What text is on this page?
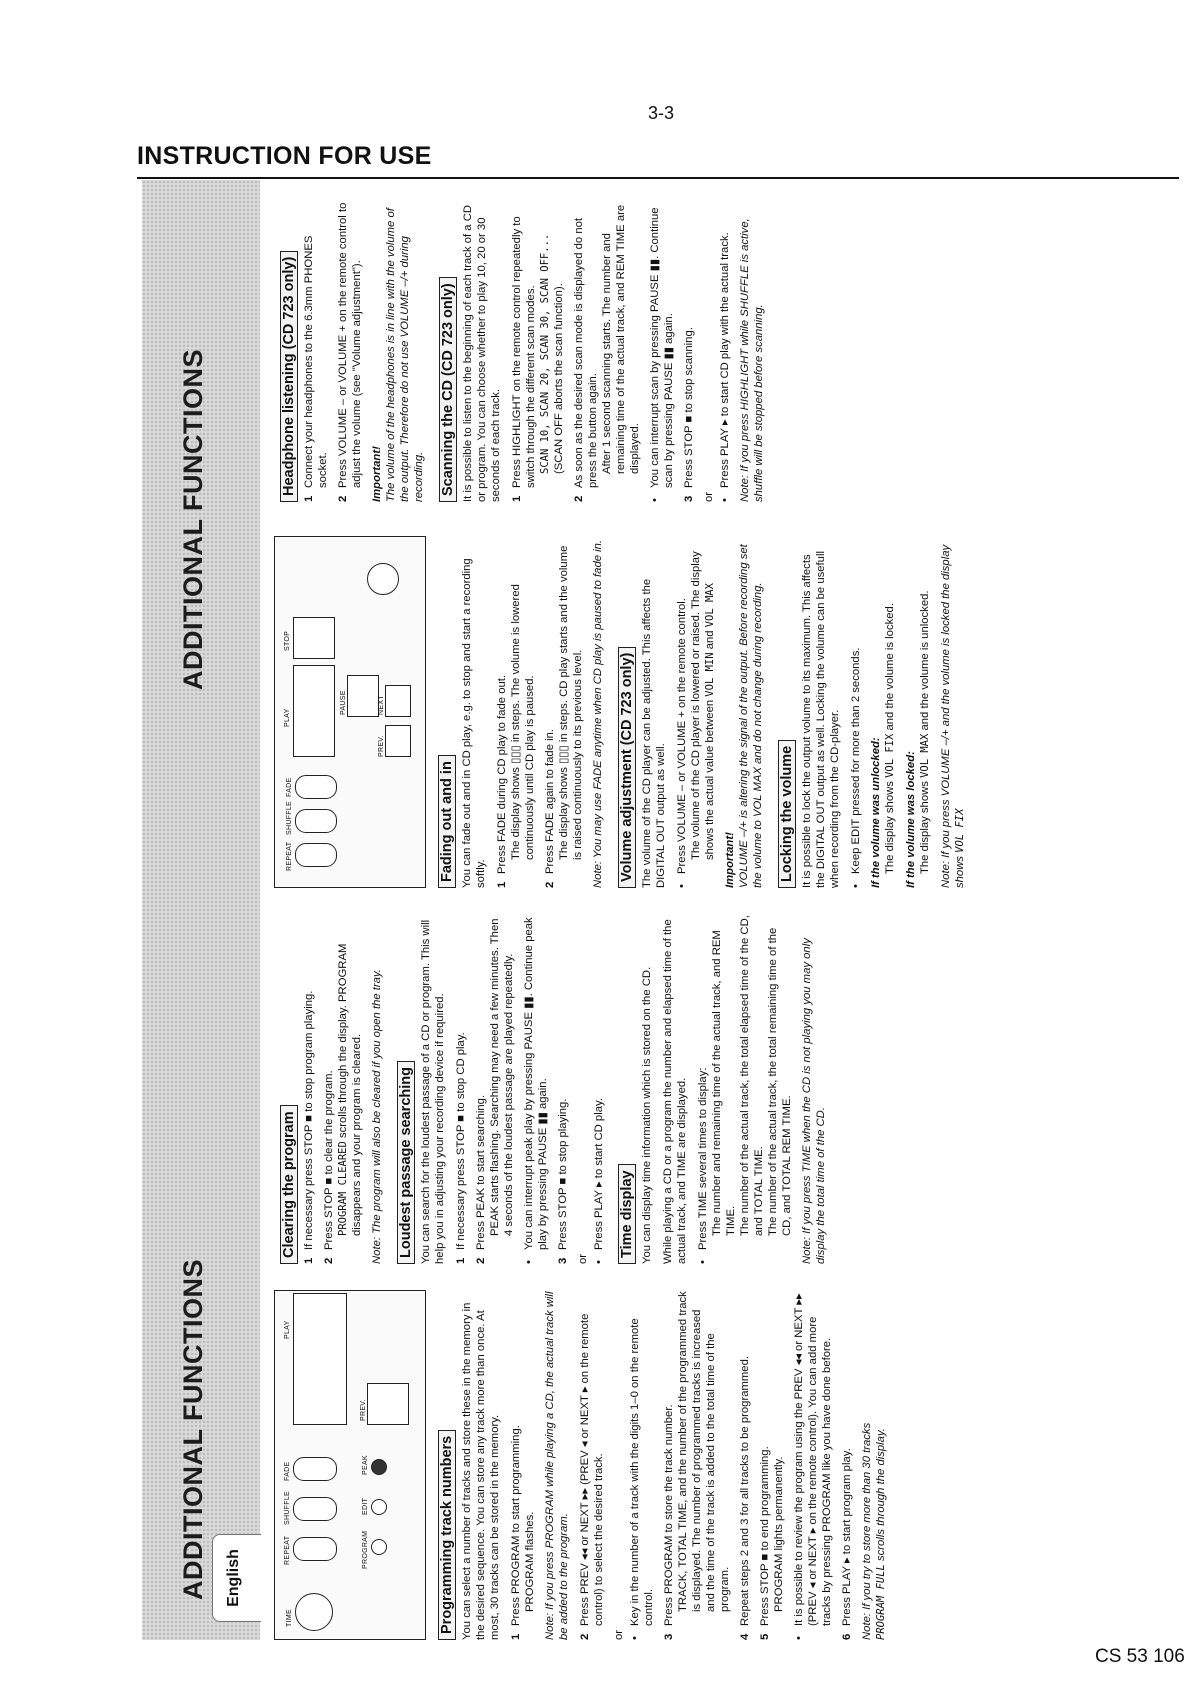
3-3
INSTRUCTION FOR USE
CS 53 106
ADDITIONAL FUNCTIONS	English
ADDITIONAL FUNCTIONS
TIME
REPEAT
SHUFFLE
FADE
PLAY
PROGRAM
EDIT
PEAK
PREV.
Programming track numbers You can select a number of tracks and store these in the memory in the desired sequence. You can store any track more than once. At most, 30 tracks can be stored in the memory. 1
Press PROGRAM to start programming. PROGRAM flashes. Note: If you press PROGRAM while playing a CD, the actual track will be added to the program. 2
Press PREV ◂◂ or NEXT ▸▸ (PREV ◂ or NEXT ▸ on the remote control) to select the desired track.
or •
Key in the number of a track with the digits 1–0 on the remote control.
3
Press PROGRAM to store the track number. TRACK, TOTAL TIME, and the number of the programmed track is displayed. The number of programmed tracks is increased and the time of the track is added to the total time of the program.
4
Repeat steps 2 and 3 for all tracks to be programmed.
5
Press STOP ■ to end programming. PROGRAM lights permanently.
•
It is possible to review the program using the PREV ◂◂ or NEXT ▸▸ (PREV ◂ or NEXT ▸ on the remote control). You can add more tracks by pressing PROGRAM like you have done before.
6
Press PLAY ▸ to start program play. Note: If you try to store more than 30 tracks PROGRAM FULL scrolls through the display.

Clearing the program
1
If necessary press STOP ■ to stop program playing.
2
Press STOP ■ to clear the program. PROGRAM CLEARED scrolls through the display. PROGRAM disappears and your program is cleared. Note: The program will also be cleared if you open the tray. Loudest passage searching You can search for the loudest passage of a CD or program. This will help you in adjusting your recording device if required. 1
If necessary press STOP ■ to stop CD play.
2
Press PEAK to start searching. PEAK starts flashing. Searching may need a few minutes. Then 4 seconds of the loudest passage are played repeatedly.
•
You can interrupt peak play by pressing PAUSE ▮▮. Continue peak play by pressing PAUSE ▮▮ again.
3
Press STOP ■ to stop playing.
or •
Press PLAY ▸ to start CD play. Time display You can display time information which is stored on the CD. While playing a CD or a program the number and elapsed time of the actual track, and TIME are displayed. •
Press TIME several times to display: The number and remaining time of the actual track, and REM TIME. The number of the actual track, the total elapsed time of the CD, and TOTAL TIME. The number of the actual track, the total remaining time of the CD, and TOTAL REM TIME. Note: If you press TIME when the CD is not playing you may only display the total time of the CD.

REPEAT
SHUFFLE
FADE
PLAY
STOP
PAUSE
PREV.
NEXT
Fading out and in You can fade out and in CD play, e.g. to stop and start a recording softly. 1
Press FADE during CD play to fade out. The display shows ▯▯▯ in steps. The volume is lowered continuously until CD play is paused.
2
Press FADE again to fade in. The display shows ▯▯▯ in steps. CD play starts and the volume is raised continuously to its previous level. Note: You may use FADE anytime when CD play is paused to fade in. Volume adjustment (CD 723 only) The volume of the CD player can be adjusted. This affects the DIGITAL OUT output as well. •
Press VOLUME – or VOLUME + on the remote control. The volume of the CD player is lowered or raised. The display shows the actual value between VOL MIN and VOL MAX
Important! VOLUME –/+ is altering the signal of the output. Before recording set the volume to VOL MAX and do not change during recording. Locking the volume It is possible to lock the output volume to its maximum. This affects the DIGITAL OUT output as well. Locking the volume can be usefull when recording from the CD-player. •
Keep EDIT pressed for more than 2 seconds. If the volume was unlocked: The display shows VOL FIX and the volume is locked.

If the volume was locked: The display shows VOL MAX and the volume is unlocked. Note: If you press VOLUME –/+ and the volume is locked the display shows VOL FIX

Headphone listening (CD 723 only)
1
Connect your headphones to the 6.3mm PHONES socket.
2
Press VOLUME – or VOLUME + on the remote control to adjust the volume (see "Volume adjustment"). Important! The volume of the headphones is in line with the volume of the output. Therefore do not use VOLUME –/+ during recording. Scanning the CD (CD 723 only) It is possible to listen to the beginning of each track of a CD or program. You can choose whether to play 10, 20 or 30 seconds of each track. 1
Press HIGHLIGHT on the remote control repeatedly to switch through the different scan modes. SCAN 10, SCAN 20, SCAN 30, SCAN OFF... (SCAN OFF aborts the scan function).
2
As soon as the desired scan mode is displayed do not press the button again. After 1 second scanning starts. The number and remaining time of the actual track, and REM TIME are displayed.
•
You can interrupt scan by pressing PAUSE ▮▮. Continue scan by pressing PAUSE ▮▮ again.
3
Press STOP ■ to stop scanning.
or •
Press PLAY ▸ to start CD play with the actual track. Note: If you press HIGHLIGHT while SHUFFLE is active, shuffle will be stopped before scanning.
